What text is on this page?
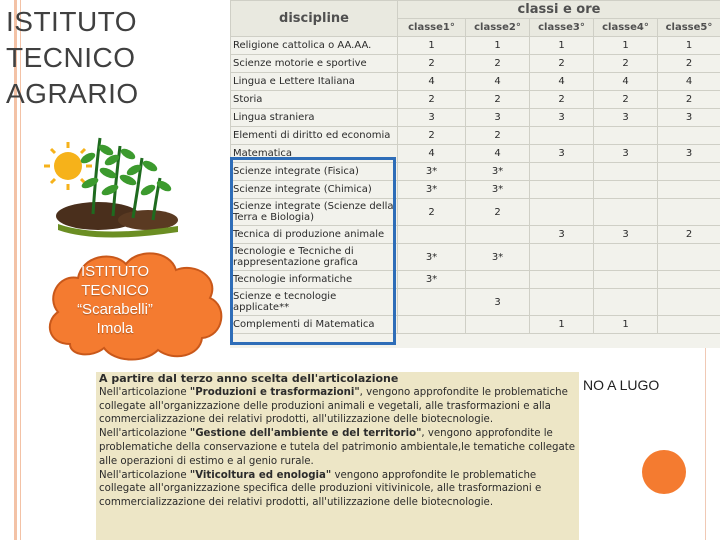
ISTITUTO
TECNICO
AGRARIO
ISTITUTO
TECNICO
“Scarabelli”
Imola
discipline	classi e ore				
	classe1°	classe2°	classe3°	classe4°	classe5°
Religione cattolica o AA.AA.	1	1	1	1	1
Scienze motorie e sportive	2	2	2	2	2
Lingua e Lettere Italiana	4	4	4	4	4
Storia	2	2	2	2	2
Lingua straniera	3	3	3	3	3
Elementi di diritto ed economia	2	2			
Matematica	4	4	3	3	3
Scienze integrate (Fisica)	3*	3*			
Scienze integrate (Chimica)	3*	3*			
Scienze integrate (Scienze della Terra e Biologia)	2	2			
Tecnica di produzione animale			3	3	2
Tecnologie e Tecniche di rappresentazione grafica	3*	3*			
Tecnologie informatiche	3*				
Scienze e tecnologie applicate**		3			
Complementi di Matematica			1	1	
NO A LUGO
A partire dal terzo anno scelta dell'articolazione
Nell'articolazione "Produzioni e trasformazioni", vengono approfondite le problematiche
collegate all'organizzazione delle produzioni animali e vegetali, alle trasformazioni e alla
commercializzazione dei relativi prodotti, all'utilizzazione delle biotecnologie.
Nell'articolazione "Gestione dell'ambiente e del territorio", vengono approfondite le
problematiche della conservazione e tutela del patrimonio ambientale,le tematiche collegate
alle operazioni di estimo e al genio rurale.
Nell'articolazione "Viticoltura ed enologia" vengono approfondite le problematiche
collegate all'organizzazione specifica delle produzioni vitivinicole, alle trasformazioni e
commercializzazione dei relativi prodotti, all'utilizzazione delle biotecnologie.
